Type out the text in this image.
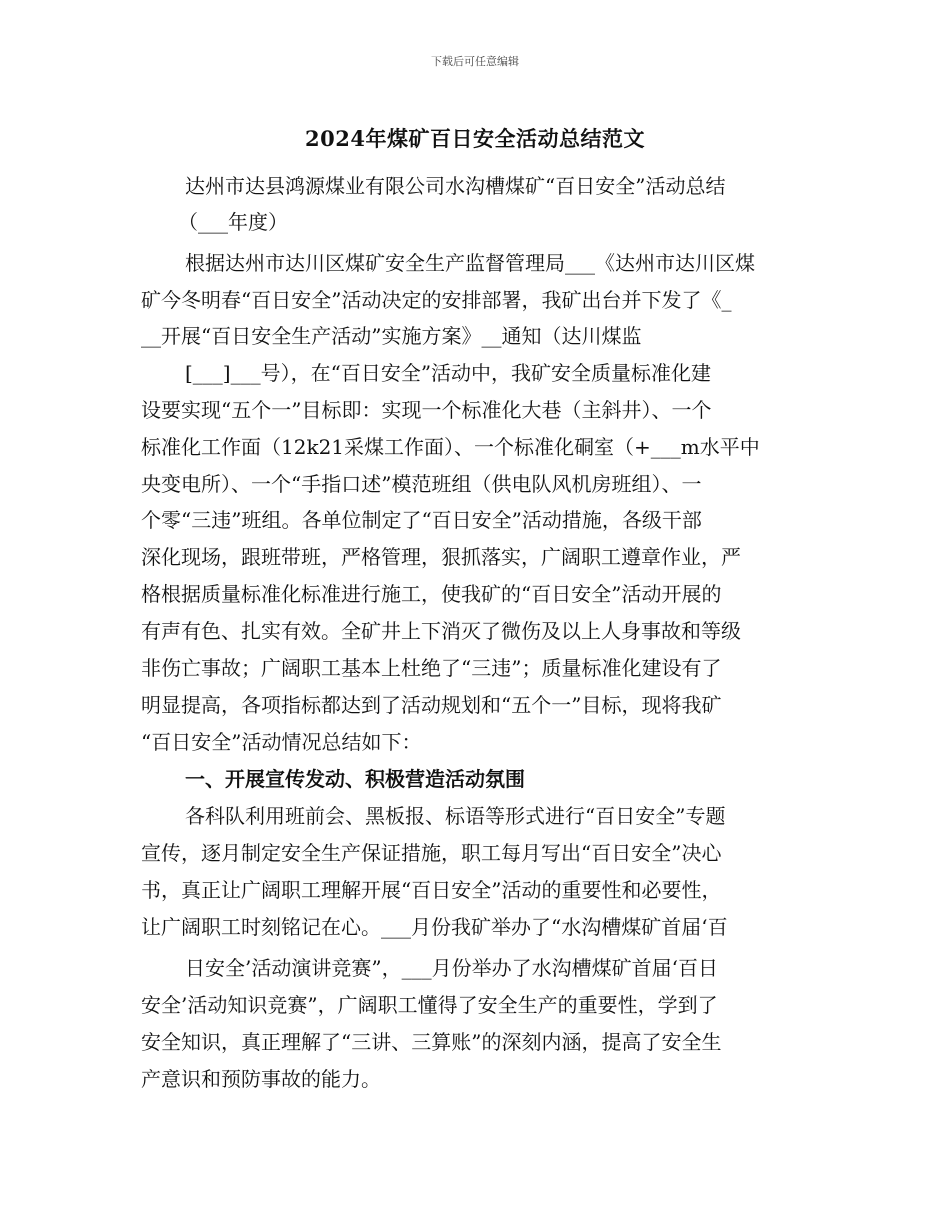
下载后可任意编辑
2024年煤矿百日安全活动总结范文
达州市达县鸿源煤业有限公司水沟槽煤矿“百日安全”活动总结
（___年度）
根据达州市达川区煤矿安全生产监督管理局___《达州市达川区煤
矿今冬明春“百日安全”活动决定的安排部署，我矿出台并下发了《_
__开展“百日安全生产活动”实施方案》__通知（达川煤监
[___]___号），在“百日安全”活动中，我矿安全质量标准化建
设要实现“五个一”目标即：实现一个标准化大巷（主斜井）、一个
标准化工作面（12k21采煤工作面）、一个标准化硐室（+___m水平中
央变电所）、一个“手指口述”模范班组（供电队风机房班组）、一
个零“三违”班组。各单位制定了“百日安全”活动措施，各级干部
深化现场，跟班带班，严格管理，狠抓落实，广阔职工遵章作业，严
格根据质量标准化标准进行施工，使我矿的“百日安全”活动开展的
有声有色、扎实有效。全矿井上下消灭了微伤及以上人身事故和等级
非伤亡事故；广阔职工基本上杜绝了“三违”；质量标准化建设有了
明显提高，各项指标都达到了活动规划和“五个一”目标，现将我矿
“百日安全”活动情况总结如下：
一、开展宣传发动、积极营造活动氛围
各科队利用班前会、黑板报、标语等形式进行“百日安全”专题
宣传，逐月制定安全生产保证措施，职工每月写出“百日安全”决心
书，真正让广阔职工理解开展“百日安全”活动的重要性和必要性，
让广阔职工时刻铭记在心。___月份我矿举办了“水沟槽煤矿首届‘百
日安全’活动演讲竞赛”，___月份举办了水沟槽煤矿首届‘百日
安全’活动知识竞赛”，广阔职工懂得了安全生产的重要性，学到了
安全知识，真正理解了“三讲、三算账”的深刻内涵，提高了安全生
产意识和预防事故的能力。
